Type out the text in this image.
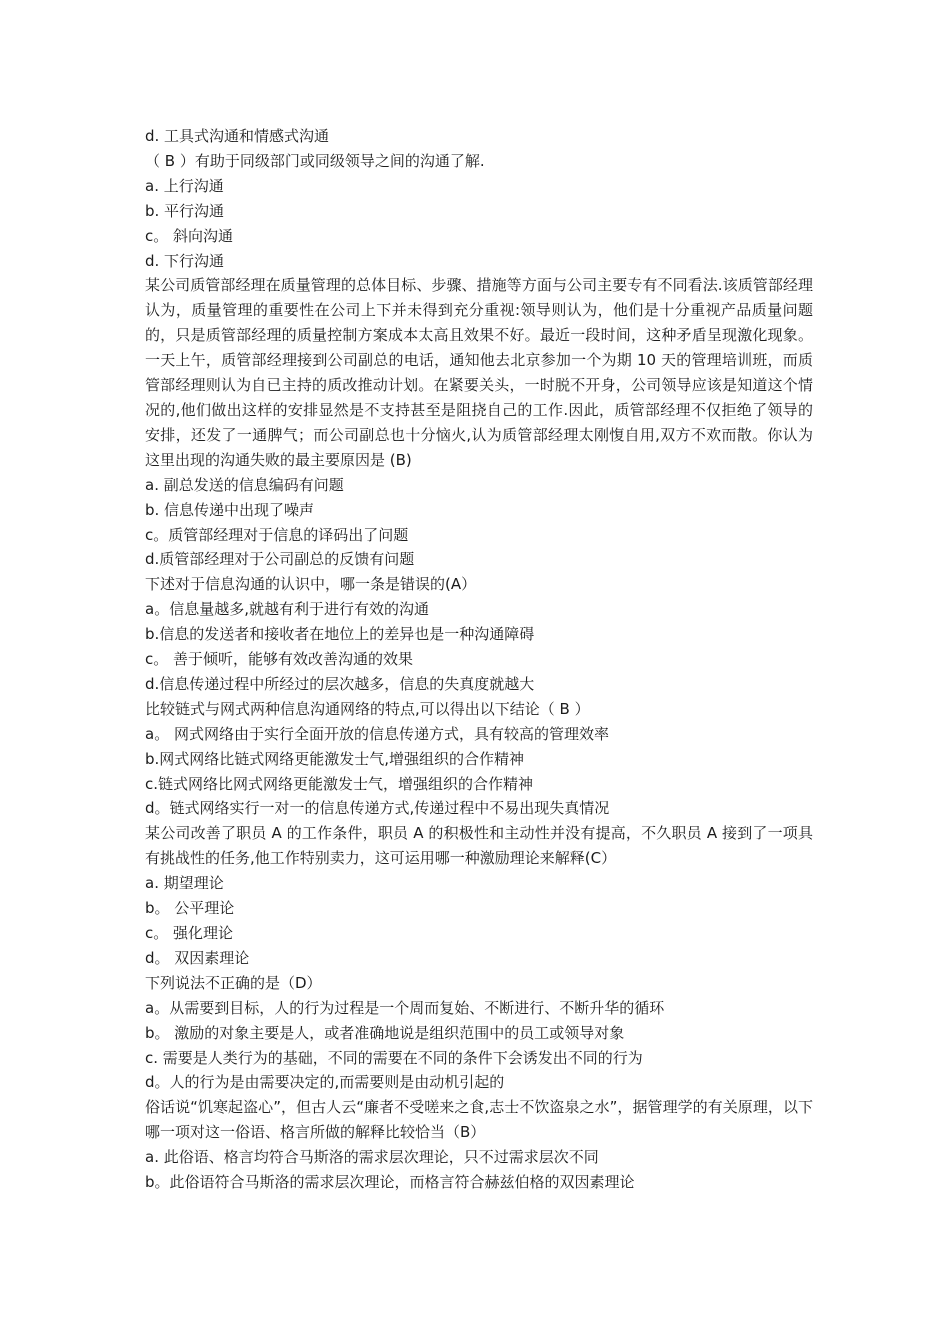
d. 工具式沟通和情感式沟通

（ B ）有助于同级部门或同级领导之间的沟通了解.

a. 上行沟通

b. 平行沟通

c。 斜向沟通

d. 下行沟通

某公司质管部经理在质量管理的总体目标、步骤、措施等方面与公司主要专有不同看法.该质管部经理认为，质量管理的重要性在公司上下并未得到充分重视:领导则认为，他们是十分重视产品质量问题的，只是质管部经理的质量控制方案成本太高且效果不好。最近一段时间，这种矛盾呈现激化现象。一天上午，质管部经理接到公司副总的电话，通知他去北京参加一个为期 10 天的管理培训班，而质管部经理则认为自已主持的质改推动计划。在紧要关头，一时脱不开身，公司领导应该是知道这个情况的,他们做出这样的安排显然是不支持甚至是阻挠自己的工作.因此，质管部经理不仅拒绝了领导的安排，还发了一通脾气；而公司副总也十分恼火,认为质管部经理太刚愎自用,双方不欢而散。你认为这里出现的沟通失败的最主要原因是 (B)

a. 副总发送的信息编码有问题

b. 信息传递中出现了噪声

c。质管部经理对于信息的译码出了问题

d.质管部经理对于公司副总的反馈有问题

下述对于信息沟通的认识中，哪一条是错误的(A）

a。信息量越多,就越有利于进行有效的沟通

b.信息的发送者和接收者在地位上的差异也是一种沟通障碍

c。 善于倾听，能够有效改善沟通的效果

d.信息传递过程中所经过的层次越多，信息的失真度就越大

比较链式与网式两种信息沟通网络的特点,可以得出以下结论（ B ）

a。 网式网络由于实行全面开放的信息传递方式，具有较高的管理效率

b.网式网络比链式网络更能激发士气,增强组织的合作精神

c.链式网络比网式网络更能激发士气，增强组织的合作精神

d。链式网络实行一对一的信息传递方式,传递过程中不易出现失真情况

某公司改善了职员 A 的工作条件，职员 A 的积极性和主动性并没有提高，不久职员 A 接到了一项具有挑战性的任务,他工作特别卖力，这可运用哪一种激励理论来解释(C）

a. 期望理论

b。 公平理论

c。 强化理论

d。 双因素理论

下列说法不正确的是（D）

a。从需要到目标，人的行为过程是一个周而复始、不断进行、不断升华的循环

b。 激励的对象主要是人，或者准确地说是组织范围中的员工或领导对象

c. 需要是人类行为的基础，不同的需要在不同的条件下会诱发出不同的行为

d。人的行为是由需要决定的,而需要则是由动机引起的

俗话说“饥寒起盗心”，但古人云“廉者不受嗟来之食,志士不饮盗泉之水”，据管理学的有关原理，以下哪一项对这一俗语、格言所做的解释比较恰当（B）

a. 此俗语、格言均符合马斯洛的需求层次理论，只不过需求层次不同

b。此俗语符合马斯洛的需求层次理论，而格言符合赫兹伯格的双因素理论
